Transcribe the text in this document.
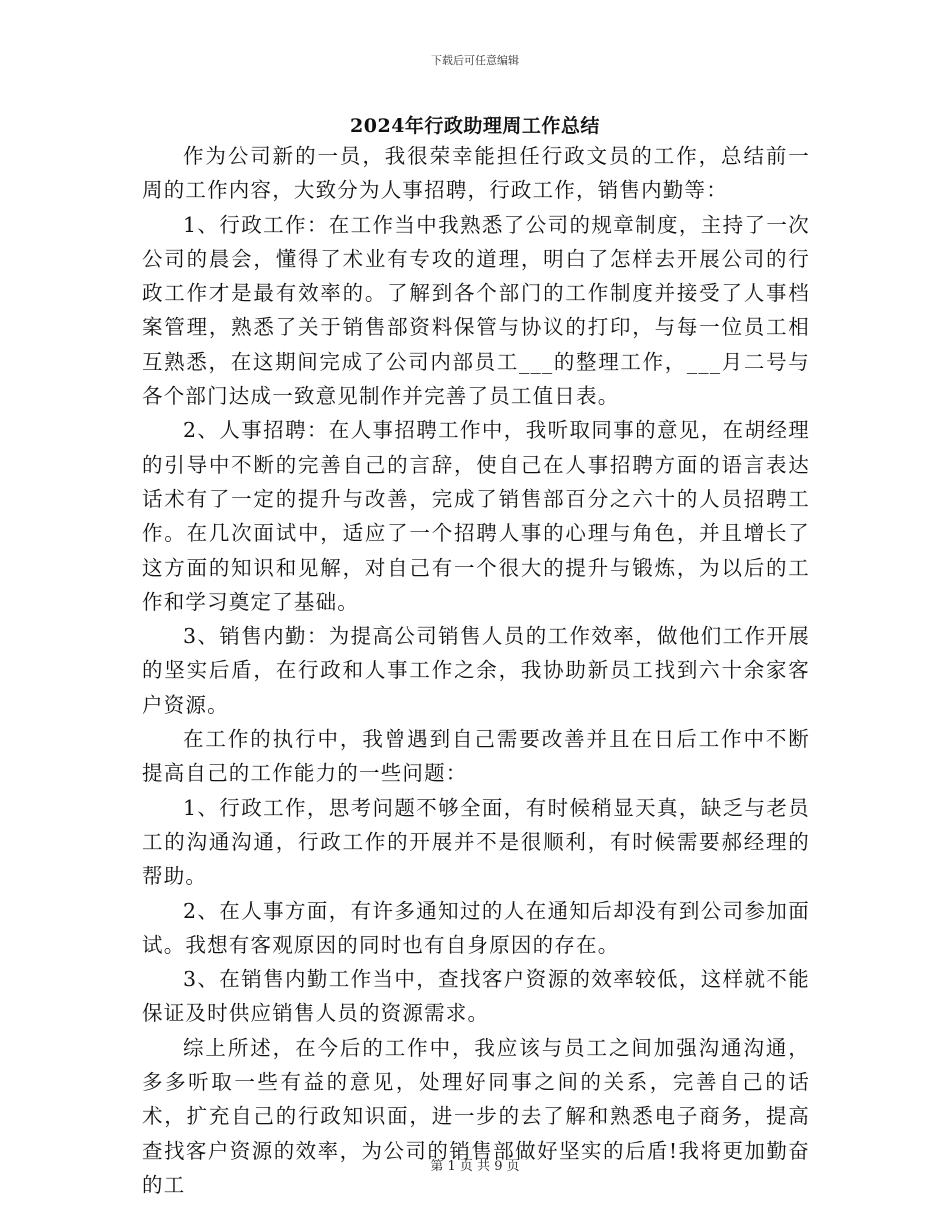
下载后可任意编辑
2024年行政助理周工作总结

作为公司新的一员，我很荣幸能担任行政文员的工作，总结前一周的工作内容，大致分为人事招聘，行政工作，销售内勤等：

1、行政工作：在工作当中我熟悉了公司的规章制度，主持了一次公司的晨会，懂得了术业有专攻的道理，明白了怎样去开展公司的行政工作才是最有效率的。了解到各个部门的工作制度并接受了人事档案管理，熟悉了关于销售部资料保管与协议的打印，与每一位员工相互熟悉，在这期间完成了公司内部员工___的整理工作，___月二号与各个部门达成一致意见制作并完善了员工值日表。

2、人事招聘：在人事招聘工作中，我听取同事的意见，在胡经理的引导中不断的完善自己的言辞，使自己在人事招聘方面的语言表达话术有了一定的提升与改善，完成了销售部百分之六十的人员招聘工作。在几次面试中，适应了一个招聘人事的心理与角色，并且增长了这方面的知识和见解，对自己有一个很大的提升与锻炼，为以后的工作和学习奠定了基础。

3、销售内勤：为提高公司销售人员的工作效率，做他们工作开展的坚实后盾，在行政和人事工作之余，我协助新员工找到六十余家客户资源。

在工作的执行中，我曾遇到自己需要改善并且在日后工作中不断提高自己的工作能力的一些问题：

1、行政工作，思考问题不够全面，有时候稍显天真，缺乏与老员工的沟通沟通，行政工作的开展并不是很顺利，有时候需要郝经理的帮助。

2、在人事方面，有许多通知过的人在通知后却没有到公司参加面试。我想有客观原因的同时也有自身原因的存在。

3、在销售内勤工作当中，查找客户资源的效率较低，这样就不能保证及时供应销售人员的资源需求。

综上所述，在今后的工作中，我应该与员工之间加强沟通沟通，多多听取一些有益的意见，处理好同事之间的关系，完善自己的话术，扩充自己的行政知识面，进一步的去了解和熟悉电子商务，提高查找客户资源的效率，为公司的销售部做好坚实的后盾!我将更加勤奋的工

第 1 页 共 9 页
